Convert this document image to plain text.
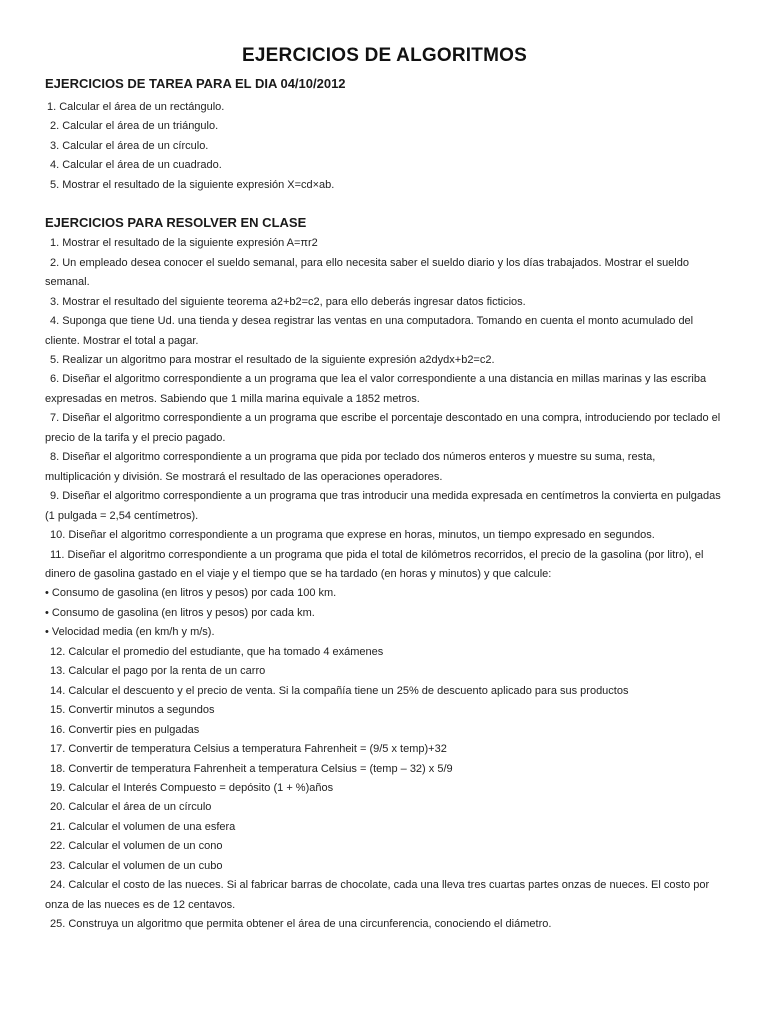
EJERCICIOS DE ALGORITMOS
EJERCICIOS DE TAREA PARA EL DIA 04/10/2012
1. Calcular el área de un rectángulo.
2. Calcular el área de un triángulo.
3. Calcular el área de un círculo.
4. Calcular el área de un cuadrado.
5. Mostrar el resultado de la siguiente expresión X=cd×ab.
EJERCICIOS PARA RESOLVER EN CLASE
1. Mostrar el resultado de la siguiente expresión A=πr2
2. Un empleado desea conocer el sueldo semanal, para ello necesita saber el sueldo diario y los días trabajados. Mostrar el sueldo semanal.
3. Mostrar el resultado del siguiente teorema a2+b2=c2, para ello deberás ingresar datos ficticios.
4. Suponga que tiene Ud. una tienda y desea registrar las ventas en una computadora. Tomando en cuenta el monto acumulado del cliente. Mostrar el total a pagar.
5. Realizar un algoritmo para mostrar el resultado de la siguiente expresión a2dydx+b2=c2.
6. Diseñar el algoritmo correspondiente a un programa que lea el valor correspondiente a una distancia en millas marinas y las escriba expresadas en metros. Sabiendo que 1 milla marina equivale a 1852 metros.
7. Diseñar el algoritmo correspondiente a un programa que escribe el porcentaje descontado en una compra, introduciendo por teclado el precio de la tarifa y el precio pagado.
8. Diseñar el algoritmo correspondiente a un programa que pida por teclado dos números enteros y muestre su suma, resta, multiplicación y división. Se mostrará el resultado de las operaciones operadores.
9. Diseñar el algoritmo correspondiente a un programa que tras introducir una medida expresada en centímetros la convierta en pulgadas (1 pulgada = 2,54 centímetros).
10. Diseñar el algoritmo correspondiente a un programa que exprese en horas, minutos, un tiempo expresado en segundos.
11. Diseñar el algoritmo correspondiente a un programa que pida el total de kilómetros recorridos, el precio de la gasolina (por litro), el dinero de gasolina gastado en el viaje y el tiempo que se ha tardado (en horas y minutos) y que calcule:
• Consumo de gasolina (en litros y pesos) por cada 100 km.
• Consumo de gasolina (en litros y pesos) por cada km.
• Velocidad media (en km/h y m/s).
12. Calcular el promedio del estudiante, que ha tomado 4 exámenes
13. Calcular el pago por la renta de un carro
14. Calcular el descuento y el precio de venta. Si la compañía tiene un 25% de descuento aplicado para sus productos
15. Convertir minutos a segundos
16. Convertir pies en pulgadas
17. Convertir de temperatura Celsius a temperatura Fahrenheit = (9/5 x temp)+32
18. Convertir de temperatura Fahrenheit a temperatura Celsius = (temp – 32) x 5/9
19. Calcular el Interés Compuesto = depósito (1 + %)años
20. Calcular el área de un círculo
21. Calcular el volumen de una esfera
22. Calcular el volumen de un cono
23. Calcular el volumen de un cubo
24. Calcular el costo de las nueces. Si al fabricar barras de chocolate, cada una lleva tres cuartas partes onzas de nueces. El costo por onza de las nueces es de 12 centavos.
25. Construya un algoritmo que permita obtener el área de una circunferencia, conociendo el diámetro.
